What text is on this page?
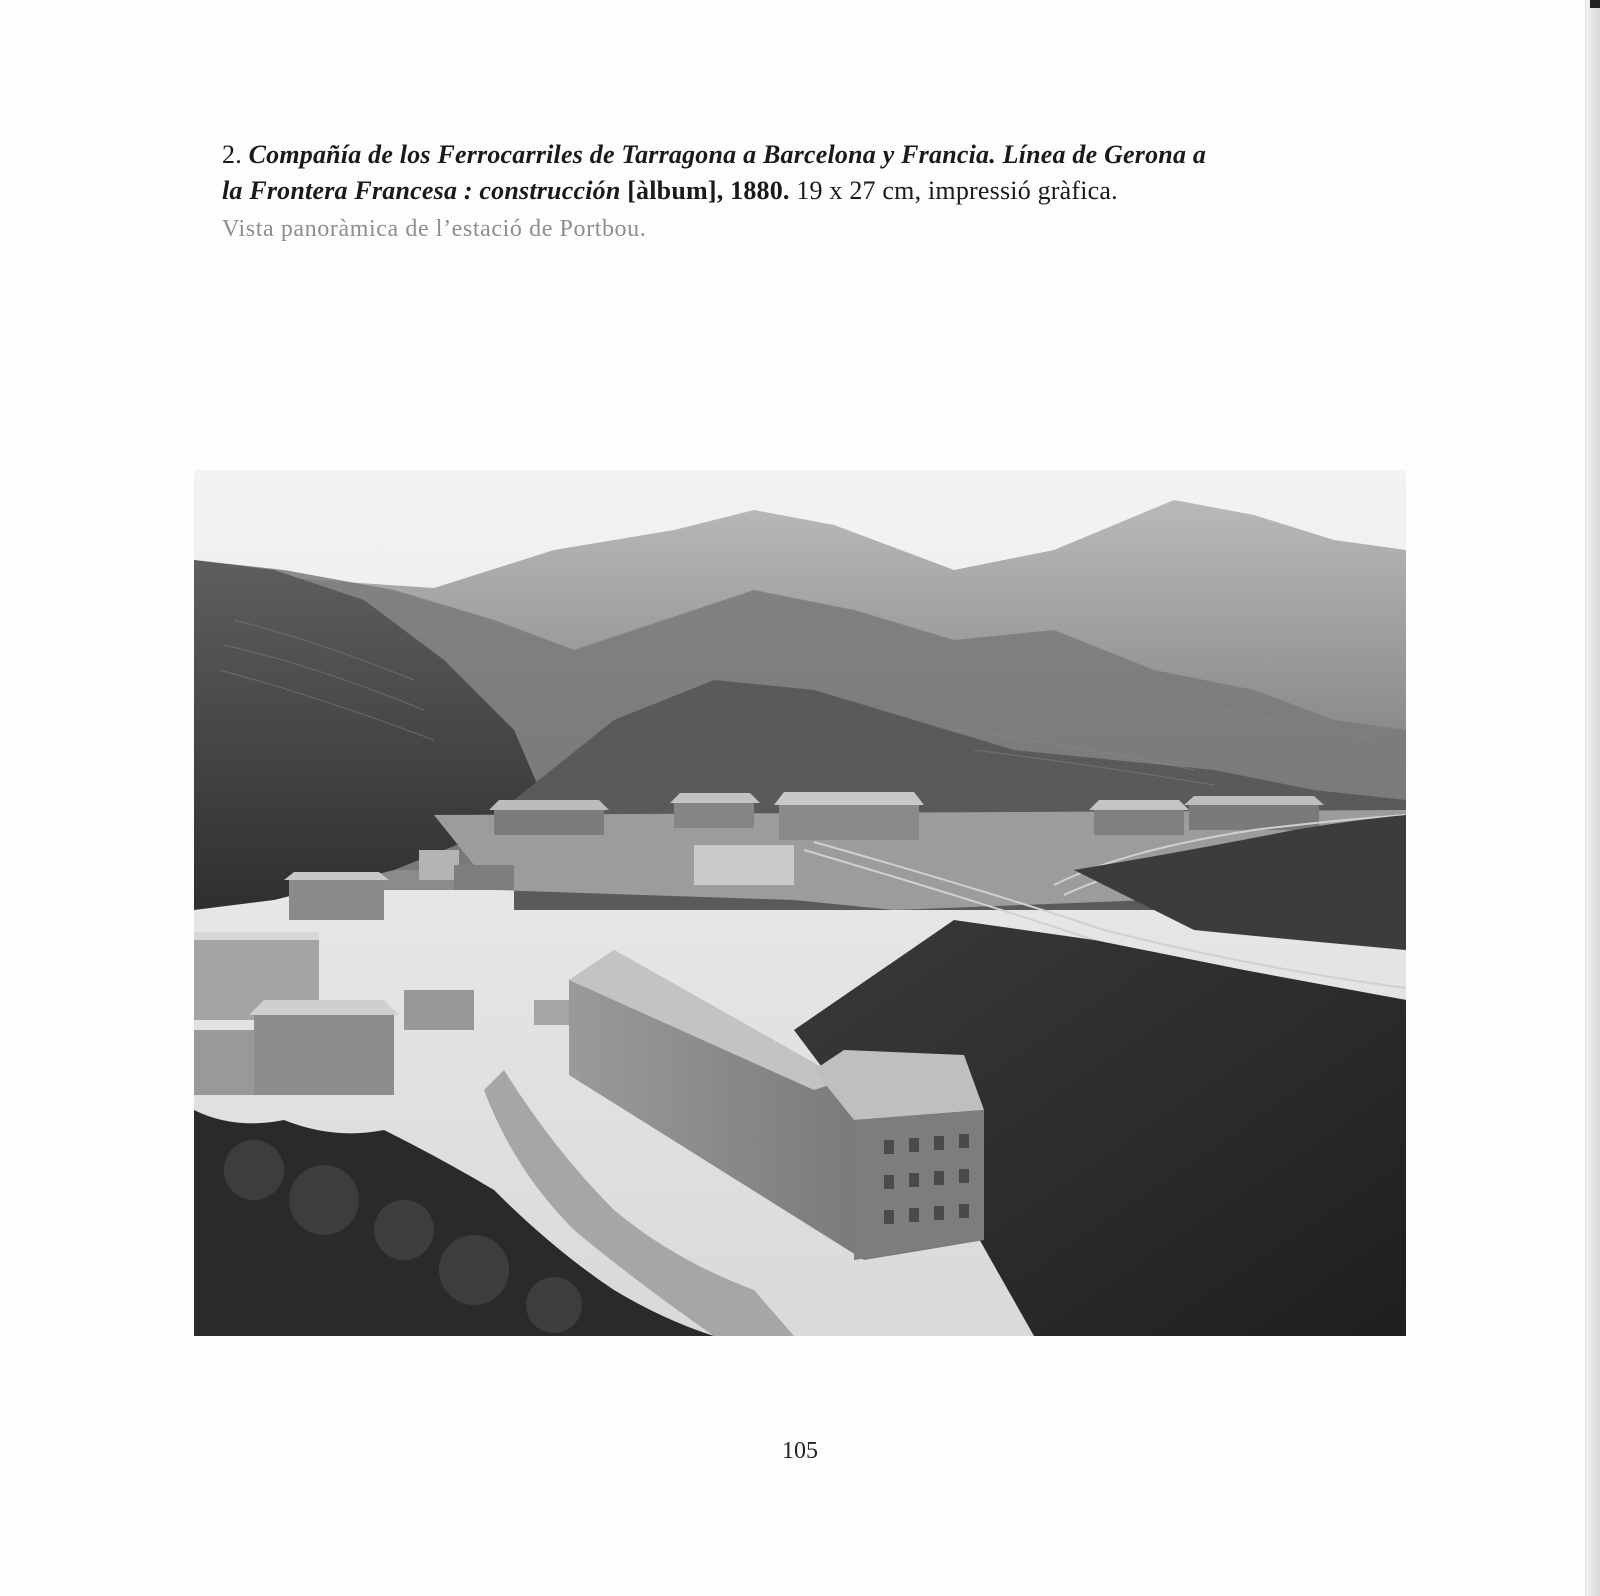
2. Compañía de los Ferrocarriles de Tarragona a Barcelona y Francia. Línea de Gerona a
la Frontera Francesa : construcción [àlbum], 1880. 19 x 27 cm, impressió gràfica.
Vista panoràmica de l’estació de Portbou.
105
